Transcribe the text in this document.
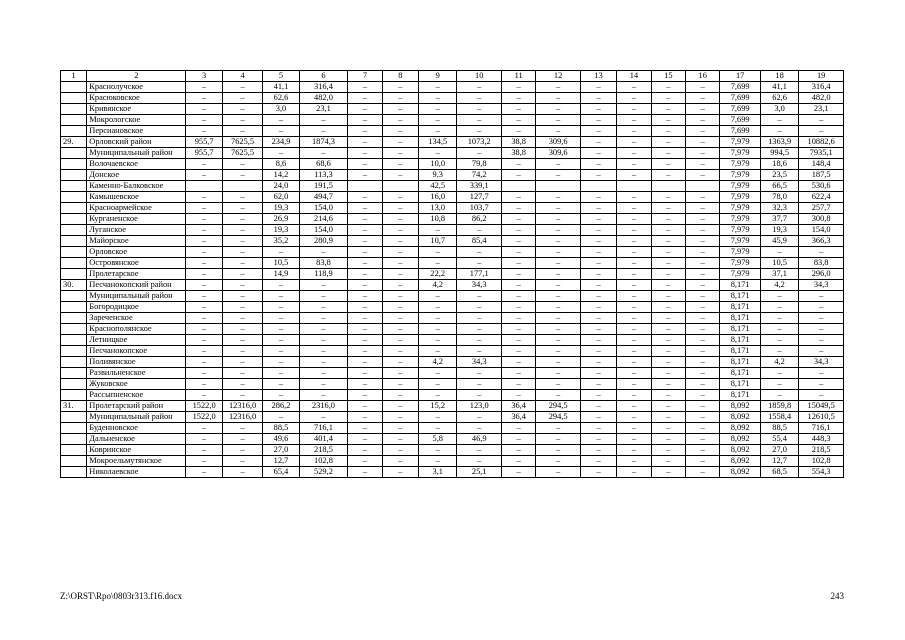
1	2	3	4	5	6	7	8	9	10	11	12	13	14	15	16	17	18	19
	Краснолучское	–	–	41,1	316,4	–	–	–	–	–	–	–	–	–	–	7,699	41,1	316,4
	Красюковское	–	–	62,6	482,0	–	–	–	–	–	–	–	–	–	–	7,699	62,6	482,0
	Кривянское	–	–	3,0	23,1	–	–	–	–	–	–	–	–	–	–	7,699	3,0	23,1
	Мокрологское	–	–	–	–	–	–	–	–	–	–	–	–	–	–	7,699	–	–
	Персиановское	–	–	–	–	–	–	–	–	–	–	–	–	–	–	7,699	–	–
29.	Орловский район	955,7	7625,5	234,9	1874,3	–	–	134,5	1073,2	38,8	309,6	–	–	–	–	7,979	1363,9	10882,6
	Муниципальный район	955,7	7625,5	–	–	–	–	–	–	38,8	309,6	–	–	–	–	7,979	994,5	7935,1
	Волочаевское	–	–	8,6	68,6	–	–	10,0	79,8	–	–	–	–	–	–	7,979	18,6	148,4
	Донское	–	–	14,2	113,3	–	–	9,3	74,2	–	–	–	–	–	–	7,979	23,5	187,5
	Каменно-Балковское			24,0	191,5			42,5	339,1							7,979	66,5	530,6
	Камышевское	–	–	62,0	494,7	–	–	16,0	127,7	–	–	–	–	–	–	7,979	78,0	622,4
	Красноармейское	–	–	19,3	154,0	–	–	13,0	103,7	–	–	–	–	–	–	7,979	32,3	257,7
	Курганенское	–	–	26,9	214,6	–	–	10,8	86,2	–	–	–	–	–	–	7,979	37,7	300,8
	Луганское	–	–	19,3	154,0	–	–	–	–	–	–	–	–	–	–	7,979	19,3	154,0
	Майорское	–	–	35,2	280,9	–	–	10,7	85,4	–	–	–	–	–	–	7,979	45,9	366,3
	Орловское	–	–	–	–	–	–	–	–	–	–	–	–	–	–	7,979	–	–
	Островянское	–	–	10,5	83,8	–	–	–	–	–	–	–	–	–	–	7,979	10,5	83,8
	Пролетарское	–	–	14,9	118,9	–	–	22,2	177,1	–	–	–	–	–	–	7,979	37,1	296,0
30.	Песчанокопский район	–	–	–	–	–	–	4,2	34,3	–	–	–	–	–	–	8,171	4,2	34,3
	Муниципальный район	–	–	–	–	–	–	–	–	–	–	–	–	–	–	8,171	–	–
	Богородицкое	–	–	–	–	–	–	–	–	–	–	–	–	–	–	8,171	–	–
	Зареченское	–	–	–	–	–	–	–	–	–	–	–	–	–	–	8,171	–	–
	Краснополянское	–	–	–	–	–	–	–	–	–	–	–	–	–	–	8,171	–	–
	Летницкое	–	–	–	–	–	–	–	–	–	–	–	–	–	–	8,171	–	–
	Песчанокопское	–	–	–	–	–	–	–	–	–	–	–	–	–	–	8,171	–	–
	Поливянское	–	–	–	–	–	–	4,2	34,3	–	–	–	–	–	–	8,171	4,2	34,3
	Развильненское	–	–	–	–	–	–	–	–	–	–	–	–	–	–	8,171	–	–
	Жуковское	–	–	–	–	–	–	–	–	–	–	–	–	–	–	8,171	–	–
	Рассыпненское	–	–	–	–	–	–	–	–	–	–	–	–	–	–	8,171	–	–
31.	Пролетарский район	1522,0	12316,0	286,2	2316,0	–	–	15,2	123,0	36,4	294,5	–	–	–	–	8,092	1859,8	15049,5
	Муниципальный район	1522,0	12316,0	–	–	–	–	–	–	36,4	294,5	–	–	–	–	8,092	1558,4	12610,5
	Буденновское	–	–	88,5	716,1	–	–	–	–	–	–	–	–	–	–	8,092	88,5	716,1
	Дальненское	–	–	49,6	401,4	–	–	5,8	46,9	–	–	–	–	–	–	8,092	55,4	448,3
	Ковринское	–	–	27,0	218,5	–	–	–	–	–	–	–	–	–	–	8,092	27,0	218,5
	Мокроельмутянское	–	–	12,7	102,8	–	–	–	–	–	–	–	–	–	–	8,092	12,7	102,8
	Николаевское	–	–	65,4	529,2	–	–	3,1	25,1	–	–	–	–	–	–	8,092	68,5	554,3
Z:\ORST\Rpo\0803r313.f16.docx	243
